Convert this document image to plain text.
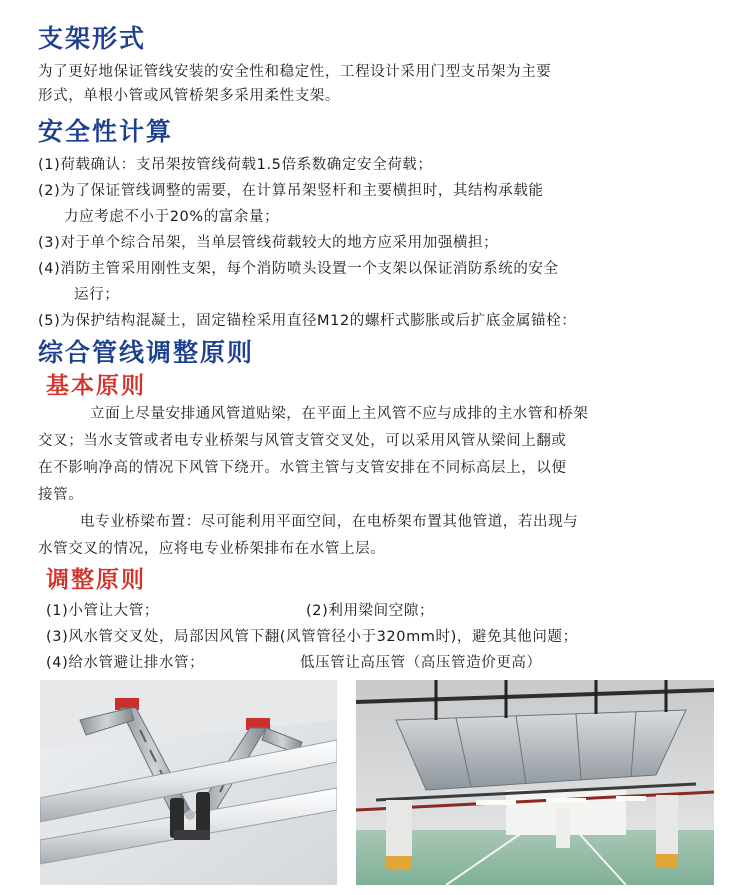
支架形式
为了更好地保证管线安装的安全性和稳定性，工程设计采用门型支吊架为主要
形式，单根小管或风管桥架多采用柔性支架。
安全性计算
(1)荷载确认：支吊架按管线荷载1.5倍系数确定安全荷载；
(2)为了保证管线调整的需要，在计算吊架竖杆和主要横担时，其结构承载能
力应考虑不小于20%的富余量；
(3)对于单个综合吊架，当单层管线荷载较大的地方应采用加强横担；
(4)消防主管采用刚性支架，每个消防喷头设置一个支架以保证消防系统的安全
运行；
(5)为保护结构混凝土，固定锚栓采用直径M12的螺杆式膨胀或后扩底金属锚栓：
综合管线调整原则
基本原则
立面上尽量安排通风管道贴梁，在平面上主风管不应与成排的主水管和桥架
交叉；当水支管或者电专业桥架与风管支管交叉处，可以采用风管从梁间上翻或
在不影响净高的情况下风管下绕开。水管主管与支管安排在不同标高层上，以便
接管。
电专业桥梁布置：尽可能利用平面空间，在电桥架布置其他管道，若出现与
水管交叉的情况，应将电专业桥架排布在水管上层。
调整原则
(1)小管让大管；	(2)利用梁间空隙；
(3)风水管交叉处，局部因风管下翻(风管管径小于320mm时)，避免其他问题；
(4)给水管避让排水管；	低压管让高压管（高压管造价更高）
